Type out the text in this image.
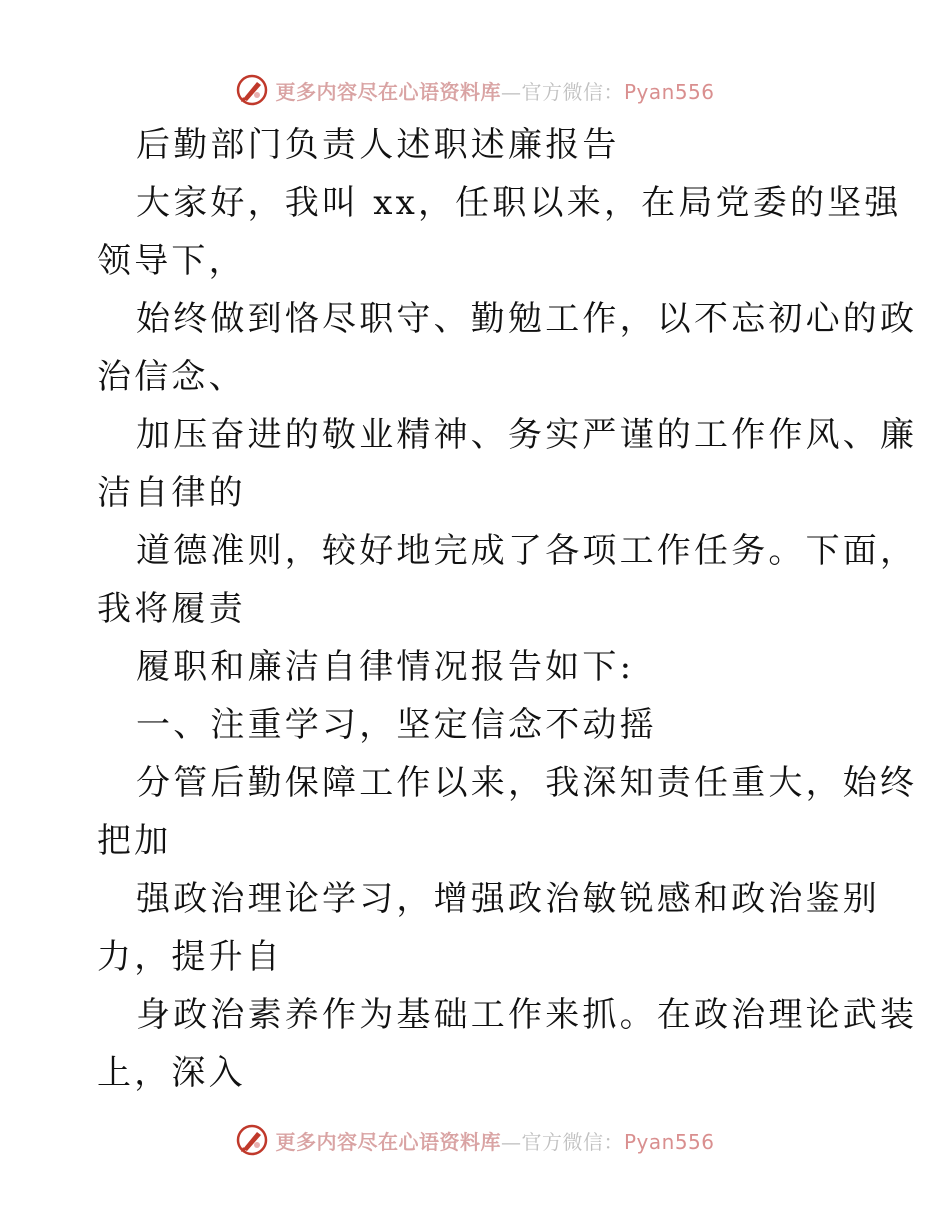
更多内容尽在心语资料库—官方微信：Pyan556
后勤部门负责人述职述廉报告
大家好，我叫 xx，任职以来，在局党委的坚强
领导下，
始终做到恪尽职守、勤勉工作，以不忘初心的政
治信念、
加压奋进的敬业精神、务实严谨的工作作风、廉
洁自律的
道德准则，较好地完成了各项工作任务。下面，
我将履责
履职和廉洁自律情况报告如下:
一、注重学习，坚定信念不动摇
分管后勤保障工作以来，我深知责任重大，始终
把加
强政治理论学习，增强政治敏锐感和政治鉴别
力，提升自
身政治素养作为基础工作来抓。在政治理论武装
上，深入
更多内容尽在心语资料库—官方微信：Pyan556
